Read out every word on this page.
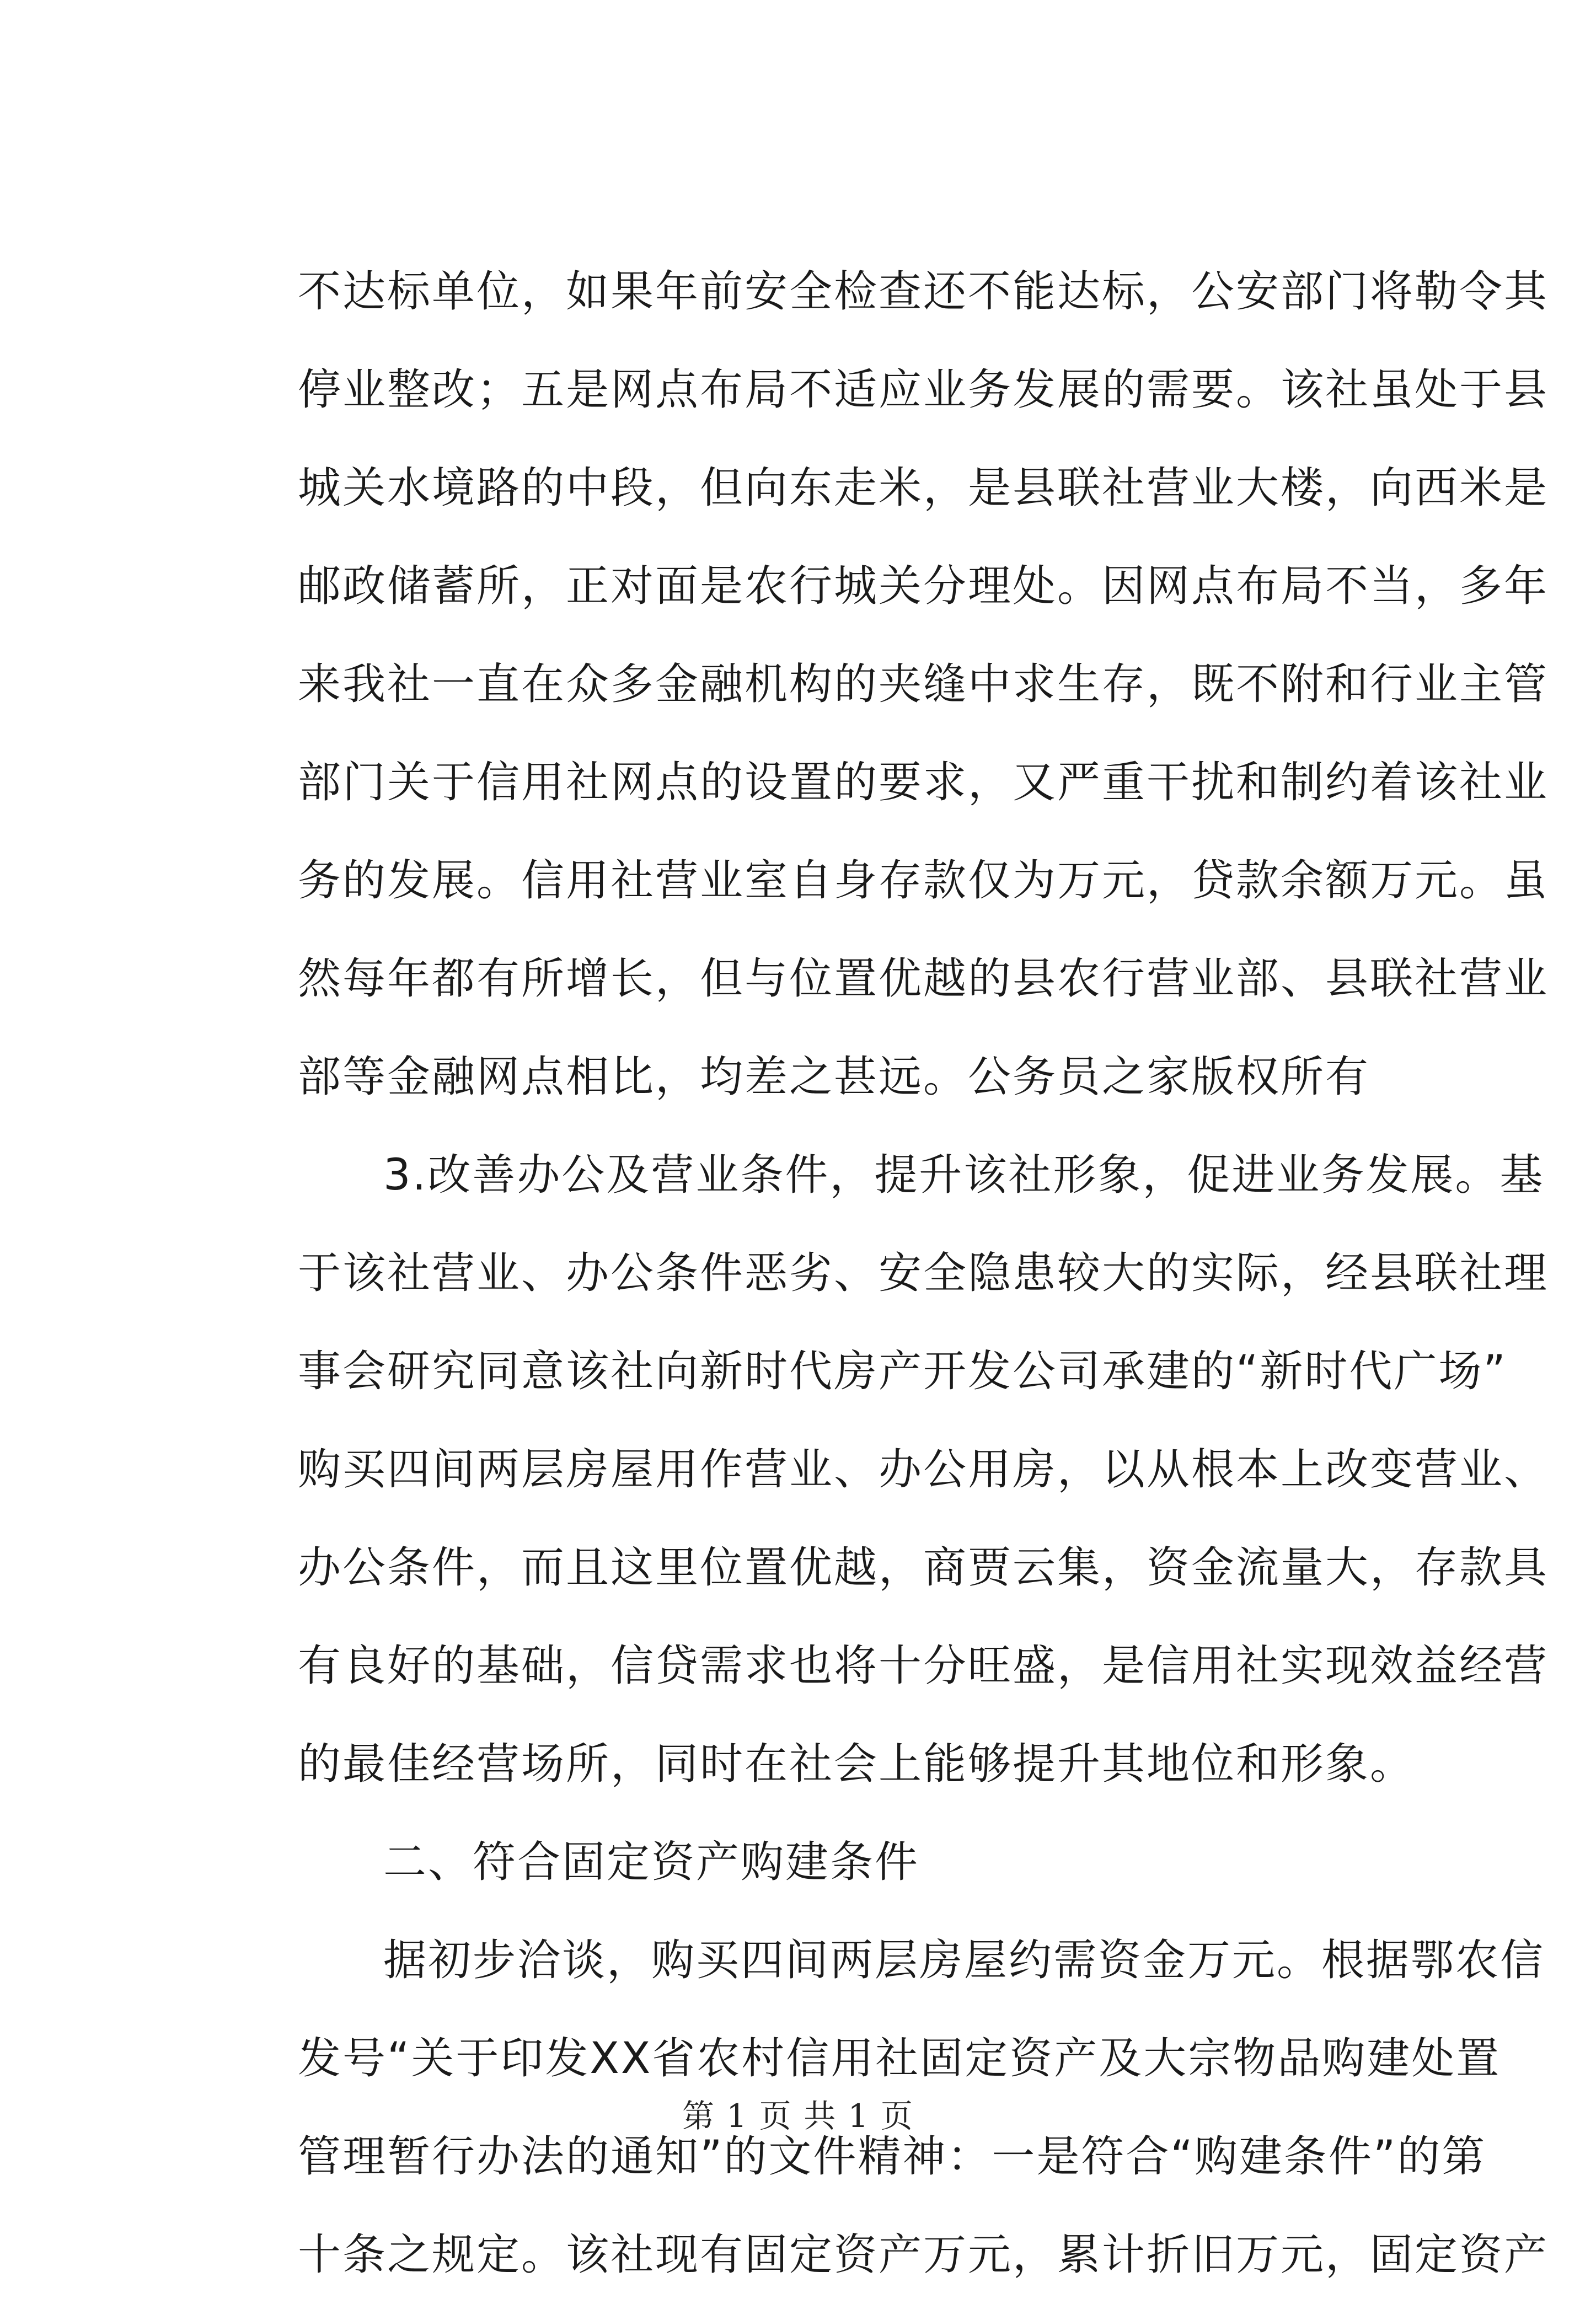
不达标单位，如果年前安全检查还不能达标，公安部门将勒令其
停业整改；五是网点布局不适应业务发展的需要。该社虽处于县
城关水境路的中段，但向东走米，是县联社营业大楼，向西米是
邮政储蓄所，正对面是农行城关分理处。因网点布局不当，多年
来我社一直在众多金融机构的夹缝中求生存，既不附和行业主管
部门关于信用社网点的设置的要求，又严重干扰和制约着该社业
务的发展。信用社营业室自身存款仅为万元，贷款余额万元。虽
然每年都有所增长，但与位置优越的县农行营业部、县联社营业
部等金融网点相比，均差之甚远。公务员之家版权所有
3.改善办公及营业条件，提升该社形象，促进业务发展。基
于该社营业、办公条件恶劣、安全隐患较大的实际，经县联社理
事会研究同意该社向新时代房产开发公司承建的“新时代广场”
购买四间两层房屋用作营业、办公用房，以从根本上改变营业、
办公条件，而且这里位置优越，商贾云集，资金流量大，存款具
有良好的基础，信贷需求也将十分旺盛，是信用社实现效益经营
的最佳经营场所，同时在社会上能够提升其地位和形象。
二、符合固定资产购建条件
据初步洽谈，购买四间两层房屋约需资金万元。根据鄂农信
发号“关于印发XX省农村信用社固定资产及大宗物品购建处置
管理暂行办法的通知”的文件精神：一是符合“购建条件”的第
十条之规定。该社现有固定资产万元，累计折旧万元，固定资产
第 1 页 共 1 页
